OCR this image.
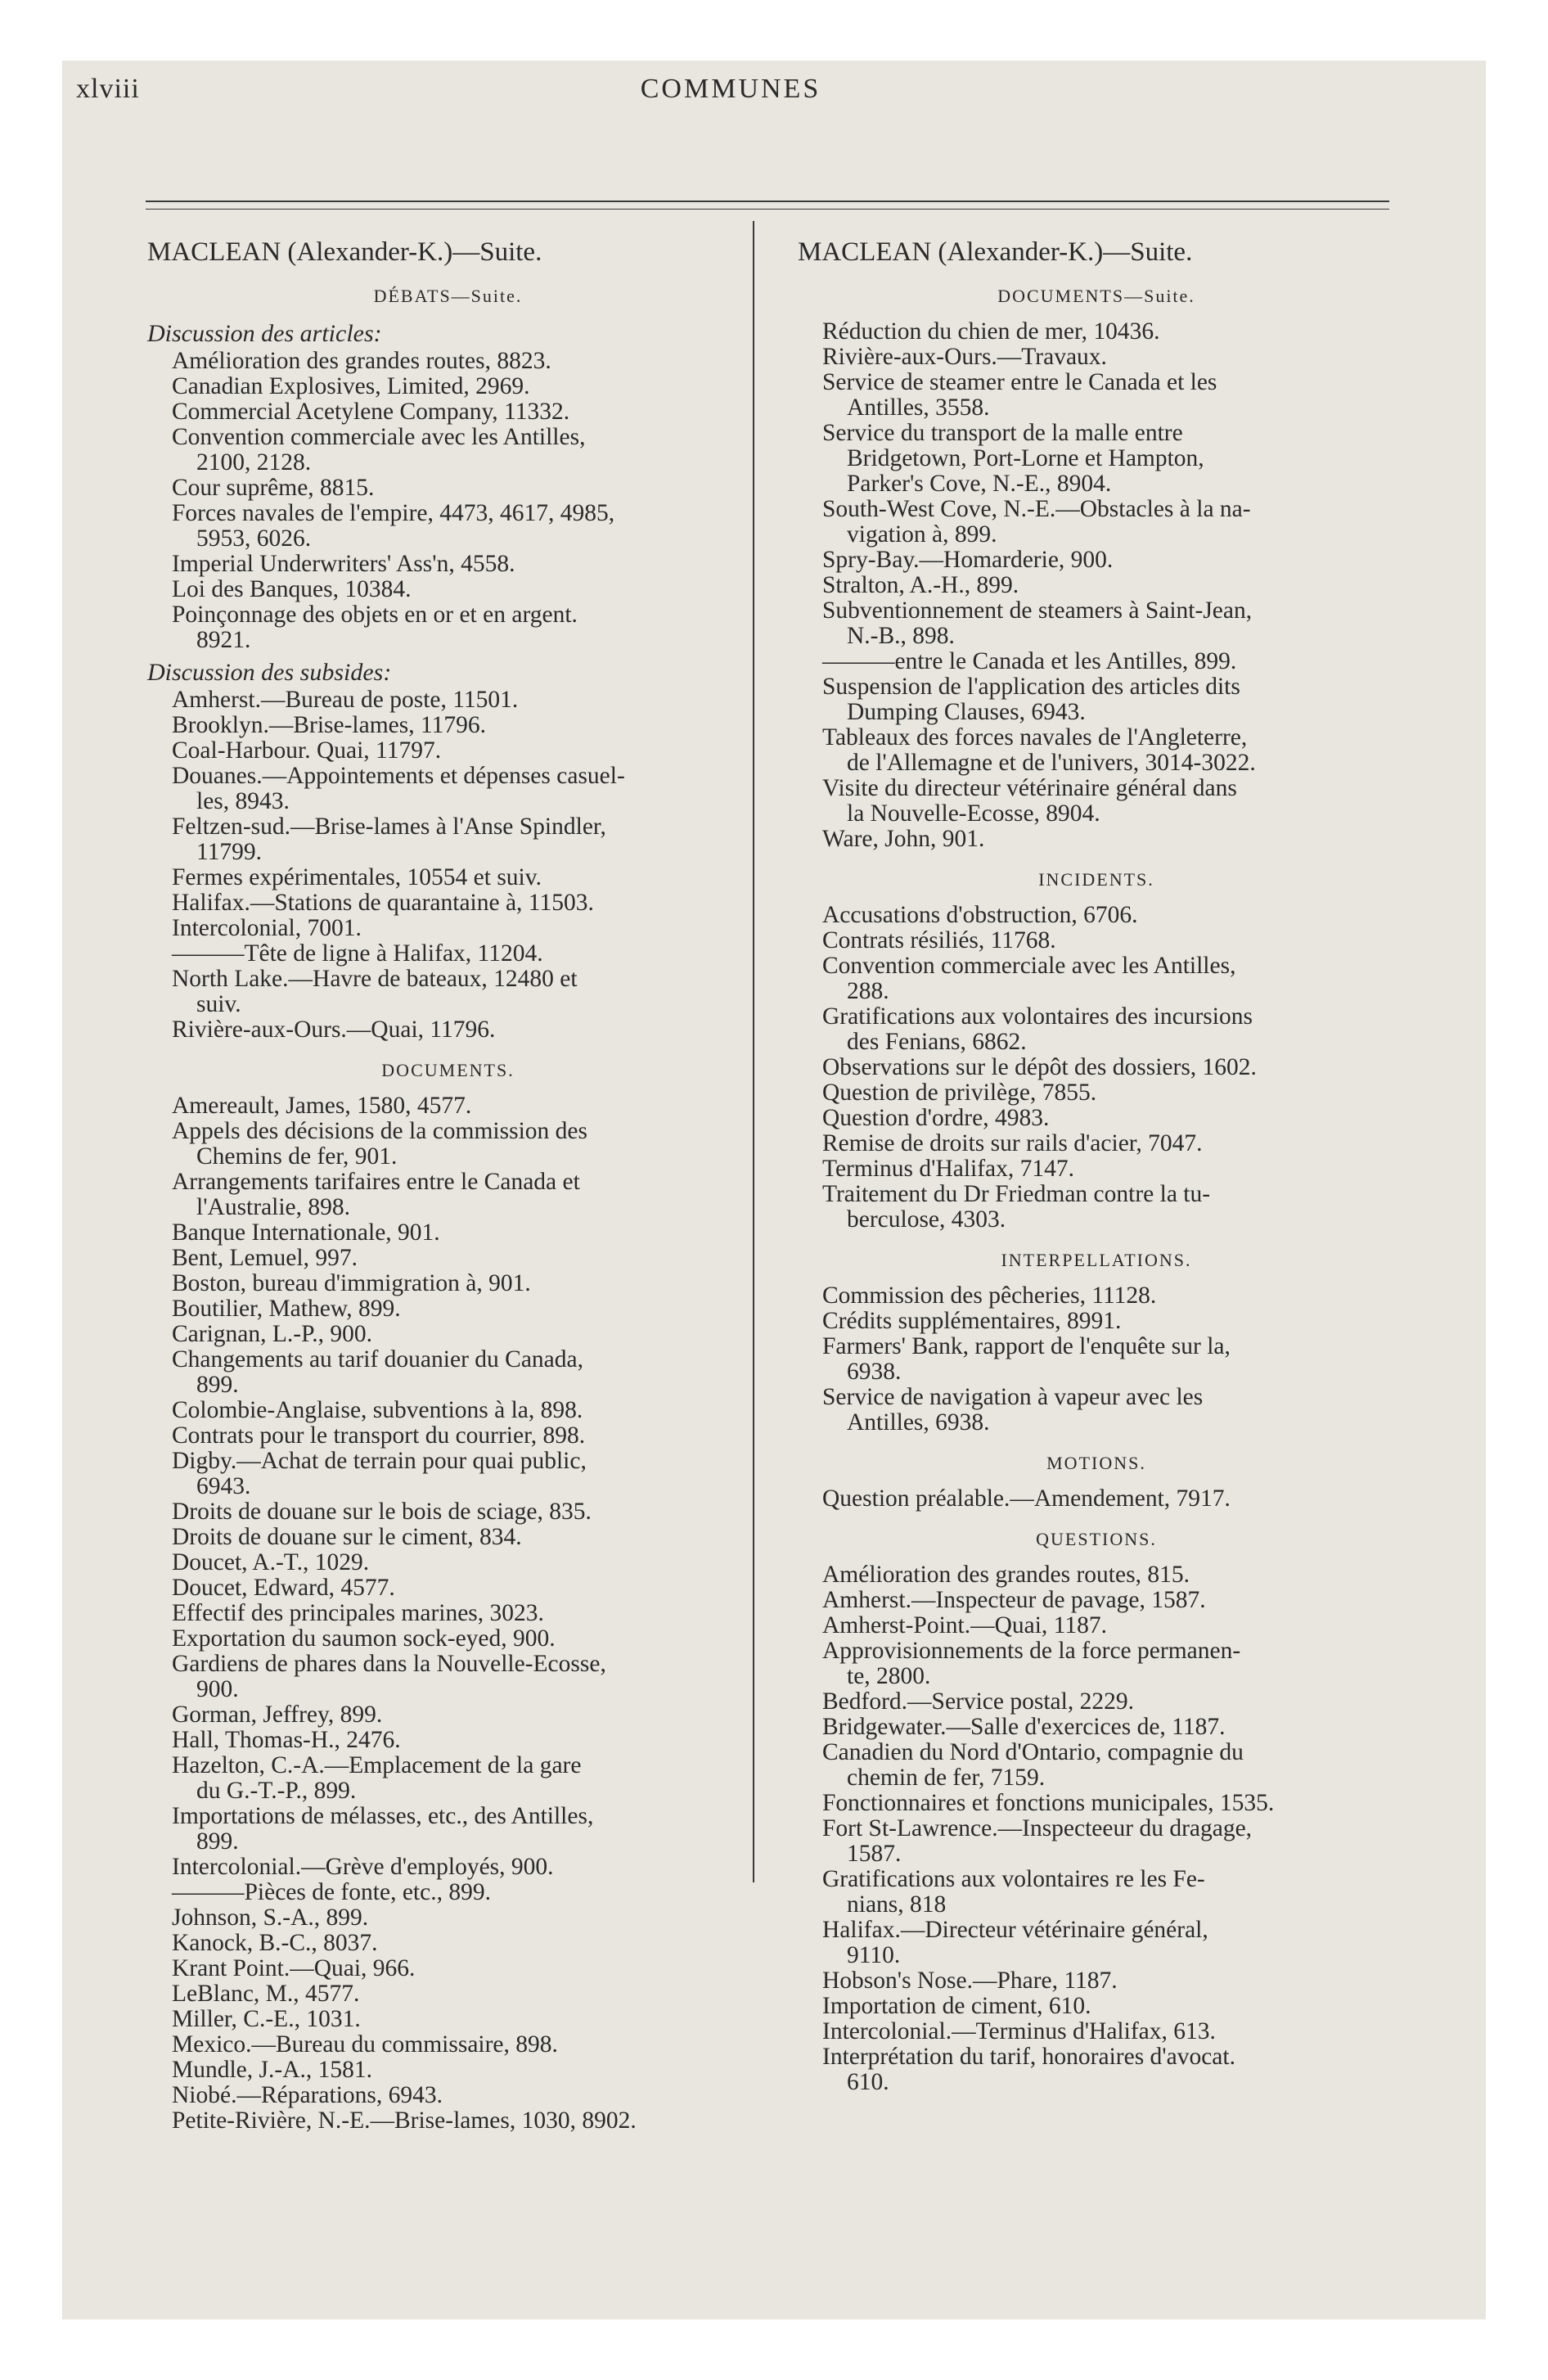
xlviii	COMMUNES
MACLEAN (Alexander-K.)—Suite.
DÉBATS—Suite.
Discussion des articles:
Amélioration des grandes routes, 8823.
Canadian Explosives, Limited, 2969.
Commercial Acetylene Company, 11332.
Convention commerciale avec les Antilles,
2100, 2128.
Cour suprême, 8815.
Forces navales de l'empire, 4473, 4617, 4985,
5953, 6026.
Imperial Underwriters' Ass'n, 4558.
Loi des Banques, 10384.
Poinçonnage des objets en or et en argent.
8921.
Discussion des subsides:
Amherst.—Bureau de poste, 11501.
Brooklyn.—Brise-lames, 11796.
Coal-Harbour. Quai, 11797.
Douanes.—Appointements et dépenses casuel-
les, 8943.
Feltzen-sud.—Brise-lames à l'Anse Spindler,
11799.
Fermes expérimentales, 10554 et suiv.
Halifax.—Stations de quarantaine à, 11503.
Intercolonial, 7001.
———Tête de ligne à Halifax, 11204.
North Lake.—Havre de bateaux, 12480 et
suiv.
Rivière-aux-Ours.—Quai, 11796.
DOCUMENTS.
Amereault, James, 1580, 4577.
Appels des décisions de la commission des
Chemins de fer, 901.
Arrangements tarifaires entre le Canada et
l'Australie, 898.
Banque Internationale, 901.
Bent, Lemuel, 997.
Boston, bureau d'immigration à, 901.
Boutilier, Mathew, 899.
Carignan, L.-P., 900.
Changements au tarif douanier du Canada,
899.
Colombie-Anglaise, subventions à la, 898.
Contrats pour le transport du courrier, 898.
Digby.—Achat de terrain pour quai public,
6943.
Droits de douane sur le bois de sciage, 835.
Droits de douane sur le ciment, 834.
Doucet, A.-T., 1029.
Doucet, Edward, 4577.
Effectif des principales marines, 3023.
Exportation du saumon sock-eyed, 900.
Gardiens de phares dans la Nouvelle-Ecosse,
900.
Gorman, Jeffrey, 899.
Hall, Thomas-H., 2476.
Hazelton, C.-A.—Emplacement de la gare
du G.-T.-P., 899.
Importations de mélasses, etc., des Antilles,
899.
Intercolonial.—Grève d'employés, 900.
———Pièces de fonte, etc., 899.
Johnson, S.-A., 899.
Kanock, B.-C., 8037.
Krant Point.—Quai, 966.
LeBlanc, M., 4577.
Miller, C.-E., 1031.
Mexico.—Bureau du commissaire, 898.
Mundle, J.-A., 1581.
Niobé.—Réparations, 6943.
Petite-Rivière, N.-E.—Brise-lames, 1030, 8902.
MACLEAN (Alexander-K.)—Suite.
DOCUMENTS—Suite.
Réduction du chien de mer, 10436.
Rivière-aux-Ours.—Travaux.
Service de steamer entre le Canada et les
Antilles, 3558.
Service du transport de la malle entre
Bridgetown, Port-Lorne et Hampton,
Parker's Cove, N.-E., 8904.
South-West Cove, N.-E.—Obstacles à la na-
vigation à, 899.
Spry-Bay.—Homarderie, 900.
Stralton, A.-H., 899.
Subventionnement de steamers à Saint-Jean,
N.-B., 898.
———entre le Canada et les Antilles, 899.
Suspension de l'application des articles dits
Dumping Clauses, 6943.
Tableaux des forces navales de l'Angleterre,
de l'Allemagne et de l'univers, 3014-3022.
Visite du directeur vétérinaire général dans
la Nouvelle-Ecosse, 8904.
Ware, John, 901.
INCIDENTS.
Accusations d'obstruction, 6706.
Contrats résiliés, 11768.
Convention commerciale avec les Antilles,
288.
Gratifications aux volontaires des incursions
des Fenians, 6862.
Observations sur le dépôt des dossiers, 1602.
Question de privilège, 7855.
Question d'ordre, 4983.
Remise de droits sur rails d'acier, 7047.
Terminus d'Halifax, 7147.
Traitement du Dr Friedman contre la tu-
berculose, 4303.
INTERPELLATIONS.
Commission des pêcheries, 11128.
Crédits supplémentaires, 8991.
Farmers' Bank, rapport de l'enquête sur la,
6938.
Service de navigation à vapeur avec les
Antilles, 6938.
MOTIONS.
Question préalable.—Amendement, 7917.
QUESTIONS.
Amélioration des grandes routes, 815.
Amherst.—Inspecteur de pavage, 1587.
Amherst-Point.—Quai, 1187.
Approvisionnements de la force permanen-
te, 2800.
Bedford.—Service postal, 2229.
Bridgewater.—Salle d'exercices de, 1187.
Canadien du Nord d'Ontario, compagnie du
chemin de fer, 7159.
Fonctionnaires et fonctions municipales, 1535.
Fort St-Lawrence.—Inspecteeur du dragage,
1587.
Gratifications aux volontaires re les Fe-
nians, 818
Halifax.—Directeur vétérinaire général,
9110.
Hobson's Nose.—Phare, 1187.
Importation de ciment, 610.
Intercolonial.—Terminus d'Halifax, 613.
Interprétation du tarif, honoraires d'avocat.
610.
